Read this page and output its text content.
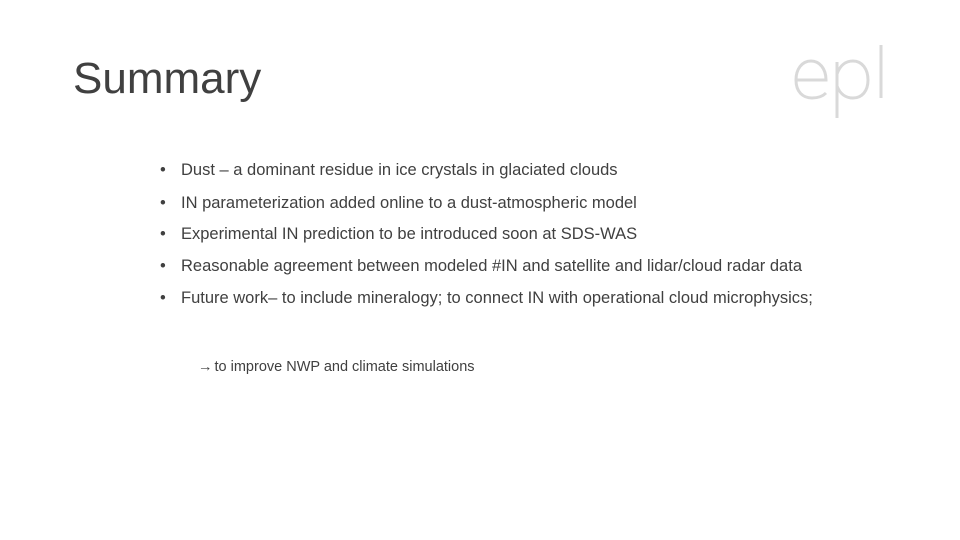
Summary
• Dust – a dominant residue in ice crystals in glaciated clouds
• IN parameterization added online to a dust-atmospheric model
• Experimental IN prediction to be introduced soon at SDS-WAS
• Reasonable agreement between modeled #IN and satellite and lidar/cloud radar data
• Future work– to include mineralogy; to connect IN with operational cloud microphysics;
→ to improve NWP and climate simulations
